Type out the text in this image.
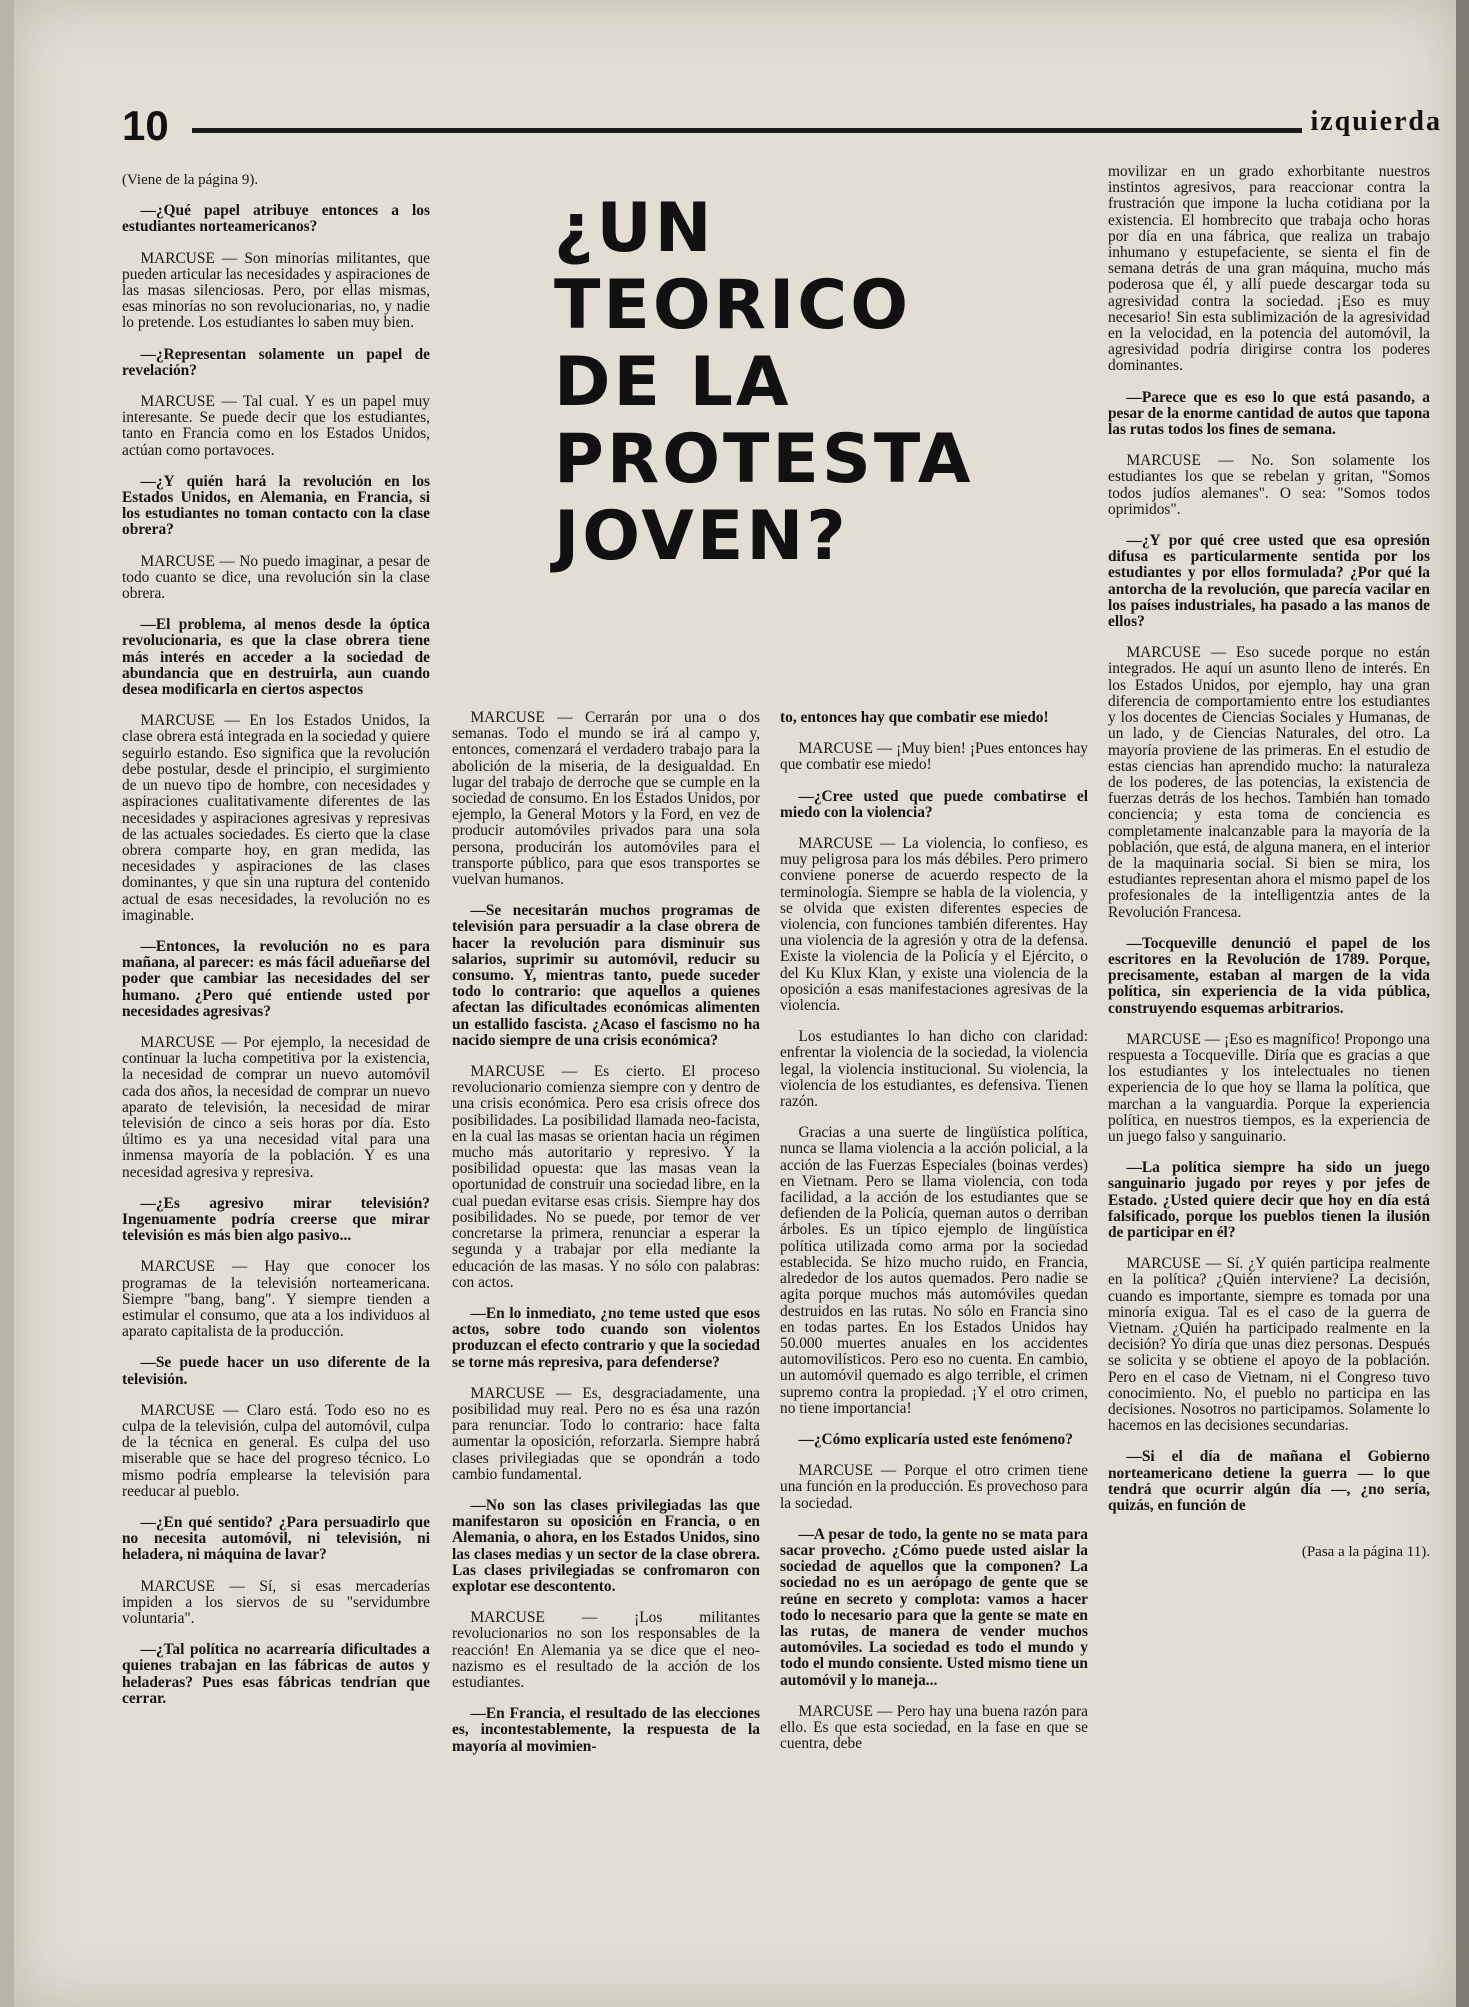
10	izquierda
¿UN
TEORICO
DE LA
PROTESTA
JOVEN?

(Viene de la página 9).

—¿Qué papel atribuye entonces a los estudiantes norteamericanos?

MARCUSE — Son minorías militantes, que pueden articular las necesidades y aspiraciones de las masas silenciosas. Pero, por ellas mismas, esas minorías no son revolucionarias, no, y nadie lo pretende. Los estudiantes lo saben muy bien.

—¿Representan solamente un papel de revelación?

MARCUSE — Tal cual. Y es un papel muy interesante. Se puede decir que los estudiantes, tanto en Francia como en los Estados Unidos, actúan como portavoces.

—¿Y quién hará la revolución en los Estados Unidos, en Alemania, en Francia, si los estudiantes no toman contacto con la clase obrera?

MARCUSE — No puedo imaginar, a pesar de todo cuanto se dice, una revolución sin la clase obrera.

—El problema, al menos desde la óptica revolucionaria, es que la clase obrera tiene más interés en acceder a la sociedad de abundancia que en destruirla, aun cuando desea modificarla en ciertos aspectos

MARCUSE — En los Estados Unidos, la clase obrera está integrada en la sociedad y quiere seguirlo estando. Eso significa que la revolución debe postular, desde el principio, el surgimiento de un nuevo tipo de hombre, con necesidades y aspiraciones cualitativamente diferentes de las necesidades y aspiraciones agresivas y represivas de las actuales sociedades. Es cierto que la clase obrera comparte hoy, en gran medida, las necesidades y aspiraciones de las clases dominantes, y que sin una ruptura del contenido actual de esas necesidades, la revolución no es imaginable.

—Entonces, la revolución no es para mañana, al parecer: es más fácil adueñarse del poder que cambiar las necesidades del ser humano. ¿Pero qué entiende usted por necesidades agresivas?

MARCUSE — Por ejemplo, la necesidad de continuar la lucha competitiva por la existencia, la necesidad de comprar un nuevo automóvil cada dos años, la necesidad de comprar un nuevo aparato de televisión, la necesidad de mirar televisión de cinco a seis horas por día. Esto último es ya una necesidad vital para una inmensa mayoría de la población. Y es una necesidad agresiva y represiva.

—¿Es agresivo mirar televisión? Ingenuamente podría creerse que mirar televisión es más bien algo pasivo...

MARCUSE — Hay que conocer los programas de la televisión norteamericana. Siempre "bang, bang". Y siempre tienden a estimular el consumo, que ata a los individuos al aparato capitalista de la producción.

—Se puede hacer un uso diferente de la televisión.

MARCUSE — Claro está. Todo eso no es culpa de la televisión, culpa del automóvil, culpa de la técnica en general. Es culpa del uso miserable que se hace del progreso técnico. Lo mismo podría emplearse la televisión para reeducar al pueblo.

—¿En qué sentido? ¿Para persuadirlo que no necesita automóvil, ni televisión, ni heladera, ni máquina de lavar?

MARCUSE — Sí, si esas mercaderías impiden a los siervos de su "servidumbre voluntaria".

—¿Tal política no acarrearía dificultades a quienes trabajan en las fábricas de autos y heladeras? Pues esas fábricas tendrían que cerrar.

MARCUSE — Cerrarán por una o dos semanas. Todo el mundo se irá al campo y, entonces, comenzará el verdadero trabajo para la abolición de la miseria, de la desigualdad. En lugar del trabajo de derroche que se cumple en la sociedad de consumo. En los Estados Unidos, por ejemplo, la General Motors y la Ford, en vez de producir automóviles privados para una sola persona, producirán los automóviles para el transporte público, para que esos transportes se vuelvan humanos.

—Se necesitarán muchos programas de televisión para persuadir a la clase obrera de hacer la revolución para disminuir sus salarios, suprimir su automóvil, reducir su consumo. Y, mientras tanto, puede suceder todo lo contrario: que aquellos a quienes afectan las dificultades económicas alimenten un estallido fascista. ¿Acaso el fascismo no ha nacido siempre de una crisis económica?

MARCUSE — Es cierto. El proceso revolucionario comienza siempre con y dentro de una crisis económica. Pero esa crisis ofrece dos posibilidades. La posibilidad llamada neo-facista, en la cual las masas se orientan hacia un régimen mucho más autoritario y represivo. Y la posibilidad opuesta: que las masas vean la oportunidad de construir una sociedad libre, en la cual puedan evitarse esas crisis. Siempre hay dos posibilidades. No se puede, por temor de ver concretarse la primera, renunciar a esperar la segunda y a trabajar por ella mediante la educación de las masas. Y no sólo con palabras: con actos.

—En lo inmediato, ¿no teme usted que esos actos, sobre todo cuando son violentos produzcan el efecto contrario y que la sociedad se torne más represiva, para defenderse?

MARCUSE — Es, desgraciadamente, una posibilidad muy real. Pero no es ésa una razón para renunciar. Todo lo contrario: hace falta aumentar la oposición, reforzarla. Siempre habrá clases privilegiadas que se opondrán a todo cambio fundamental.

—No son las clases privilegiadas las que manifestaron su oposición en Francia, o en Alemania, o ahora, en los Estados Unidos, sino las clases medias y un sector de la clase obrera. Las clases privilegiadas se confromaron con explotar ese descontento.

MARCUSE — ¡Los militantes revolucionarios no son los responsables de la reacción! En Alemania ya se dice que el neo-nazismo es el resultado de la acción de los estudiantes.

—En Francia, el resultado de las elecciones es, incontestablemente, la respuesta de la mayoría al movimien-

to, entonces hay que combatir ese miedo!

MARCUSE — ¡Muy bien! ¡Pues entonces hay que combatir ese miedo!

—¿Cree usted que puede combatirse el miedo con la violencia?

MARCUSE — La violencia, lo confieso, es muy peligrosa para los más débiles. Pero primero conviene ponerse de acuerdo respecto de la terminología. Siempre se habla de la violencia, y se olvida que existen diferentes especies de violencia, con funciones también diferentes. Hay una violencia de la agresión y otra de la defensa. Existe la violencia de la Policía y el Ejército, o del Ku Klux Klan, y existe una violencia de la oposición a esas manifestaciones agresivas de la violencia.

Los estudiantes lo han dicho con claridad: enfrentar la violencia de la sociedad, la violencia legal, la violencia institucional. Su violencia, la violencia de los estudiantes, es defensiva. Tienen razón.

Gracias a una suerte de lingüística política, nunca se llama violencia a la acción policial, a la acción de las Fuerzas Especiales (boinas verdes) en Vietnam. Pero se llama violencia, con toda facilidad, a la acción de los estudiantes que se defienden de la Policía, queman autos o derriban árboles. Es un típico ejemplo de lingüística política utilizada como arma por la sociedad establecida. Se hizo mucho ruido, en Francia, alrededor de los autos quemados. Pero nadie se agita porque muchos más automóviles quedan destruidos en las rutas. No sólo en Francia sino en todas partes. En los Estados Unidos hay 50.000 muertes anuales en los accidentes automovilísticos. Pero eso no cuenta. En cambio, un automóvil quemado es algo terrible, el crimen supremo contra la propiedad. ¡Y el otro crimen, no tiene importancia!

—¿Cómo explicaría usted este fenómeno?

MARCUSE — Porque el otro crimen tiene una función en la producción. Es provechoso para la sociedad.

—A pesar de todo, la gente no se mata para sacar provecho. ¿Cómo puede usted aislar la sociedad de aquellos que la componen? La sociedad no es un aerópago de gente que se reúne en secreto y complota: vamos a hacer todo lo necesario para que la gente se mate en las rutas, de manera de vender muchos automóviles. La sociedad es todo el mundo y todo el mundo consiente. Usted mismo tiene un automóvil y lo maneja...

MARCUSE — Pero hay una buena razón para ello. Es que esta sociedad, en la fase en que se cuentra, debe

movilizar en un grado exhorbitante nuestros instintos agresivos, para reaccionar contra la frustración que impone la lucha cotidiana por la existencia. El hombrecito que trabaja ocho horas por día en una fábrica, que realiza un trabajo inhumano y estupefaciente, se sienta el fin de semana detrás de una gran máquina, mucho más poderosa que él, y allí puede descargar toda su agresividad contra la sociedad. ¡Eso es muy necesario! Sin esta sublimización de la agresividad en la velocidad, en la potencia del automóvil, la agresividad podría dirigirse contra los poderes dominantes.

—Parece que es eso lo que está pasando, a pesar de la enorme cantidad de autos que tapona las rutas todos los fines de semana.

MARCUSE — No. Son solamente los estudiantes los que se rebelan y gritan, "Somos todos judíos alemanes". O sea: "Somos todos oprimidos".

—¿Y por qué cree usted que esa opresión difusa es particularmente sentida por los estudiantes y por ellos formulada? ¿Por qué la antorcha de la revolución, que parecía vacilar en los países industriales, ha pasado a las manos de ellos?

MARCUSE — Eso sucede porque no están integrados. He aquí un asunto lleno de interés. En los Estados Unidos, por ejemplo, hay una gran diferencia de comportamiento entre los estudiantes y los docentes de Ciencias Sociales y Humanas, de un lado, y de Ciencias Naturales, del otro. La mayoría proviene de las primeras. En el estudio de estas ciencias han aprendido mucho: la naturaleza de los poderes, de las potencias, la existencia de fuerzas detrás de los hechos. También han tomado conciencia; y esta toma de conciencia es completamente inalcanzable para la mayoría de la población, que está, de alguna manera, en el interior de la maquinaria social. Si bien se mira, los estudiantes representan ahora el mismo papel de los profesionales de la intelligentzia antes de la Revolución Francesa.

—Tocqueville denunció el papel de los escritores en la Revolución de 1789. Porque, precisamente, estaban al margen de la vida política, sin experiencia de la vida pública, construyendo esquemas arbitrarios.

MARCUSE — ¡Eso es magnífico! Propongo una respuesta a Tocqueville. Diría que es gracias a que los estudiantes y los intelectuales no tienen experiencia de lo que hoy se llama la política, que marchan a la vanguardia. Porque la experiencia política, en nuestros tiempos, es la experiencia de un juego falso y sanguinario.

—La política siempre ha sido un juego sanguinario jugado por reyes y por jefes de Estado. ¿Usted quiere decir que hoy en día está falsificado, porque los pueblos tienen la ilusión de participar en él?

MARCUSE — Sí. ¿Y quién participa realmente en la política? ¿Quién interviene? La decisión, cuando es importante, siempre es tomada por una minoría exigua. Tal es el caso de la guerra de Vietnam. ¿Quién ha participado realmente en la decisión? Yo diría que unas diez personas. Después se solicita y se obtiene el apoyo de la población. Pero en el caso de Vietnam, ni el Congreso tuvo conocimiento. No, el pueblo no participa en las decisiones. Nosotros no participamos. Solamente lo hacemos en las decisiones secundarias.

—Si el día de mañana el Gobierno norteamericano detiene la guerra — lo que tendrá que ocurrir algún día —, ¿no sería, quizás, en función de

(Pasa a la página 11).
